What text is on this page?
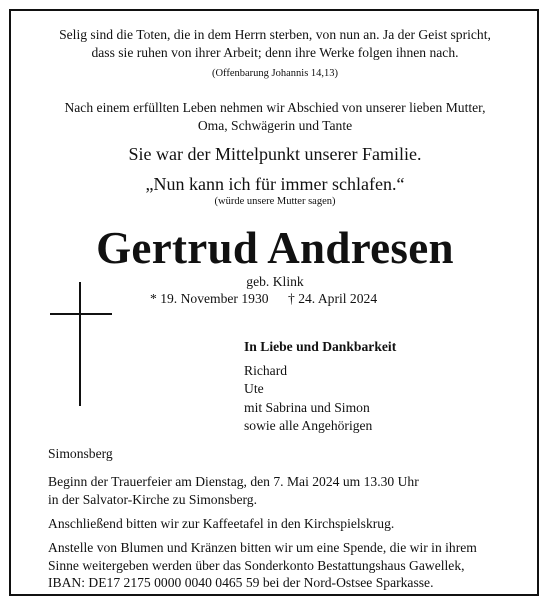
Selig sind die Toten, die in dem Herrn sterben, von nun an. Ja der Geist spricht,
dass sie ruhen von ihrer Arbeit; denn ihre Werke folgen ihnen nach.
(Offenbarung Johannis 14,13)
Nach einem erfüllten Leben nehmen wir Abschied von unserer lieben Mutter,
Oma, Schwägerin und Tante
Sie war der Mittelpunkt unserer Familie.
„Nun kann ich für immer schlafen.“
(würde unsere Mutter sagen)
Gertrud Andresen
geb. Klink
* 19. November 1930 † 24. April 2024
In Liebe und Dankbarkeit
Richard
Ute
mit Sabrina und Simon
sowie alle Angehörigen
Simonsberg
Beginn der Trauerfeier am Dienstag, den 7. Mai 2024 um 13.30 Uhr
in der Salvator-Kirche zu Simonsberg.
Anschließend bitten wir zur Kaffeetafel in den Kirchspielskrug.
Anstelle von Blumen und Kränzen bitten wir um eine Spende, die wir in ihrem
Sinne weitergeben werden über das Sonderkonto Bestattungshaus Gawellek,
IBAN: DE17 2175 0000 0040 0465 59 bei der Nord-Ostsee Sparkasse.
